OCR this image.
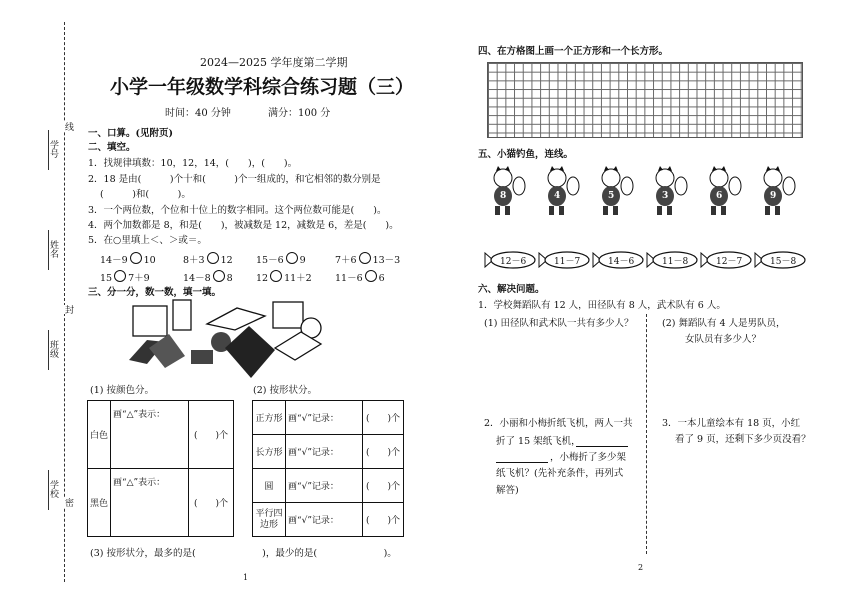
学号
姓名
班级
学校
线
封
密
2024—2025 学年度第二学期
小学一年级数学科综合练习题（三）
时间：40 分钟	满分：100 分
一、口算。(见附页)
二、填空。
1．找规律填数：10，12，14，(　　)，(　　)。
2．18 是由(　　　)个十和(　　　)个一组成的，和它相邻的数分别是
(　　　)和(　　　)。
3．一个两位数，个位和十位上的数字相同。这个两位数可能是(　　)。
4．两个加数都是 8，和是(　　)，被减数是 12，减数是 6，差是(　　)。
5．在○里填上＜、＞或＝。
14－9 10	8＋3 12 15－6 9	7＋6 13－3
15 7＋9	14－8 8 12 11＋2 11－6 6
三、分一分，数一数，填一填。
(1) 按颜色分。	(2) 按形状分。
白色	画“△”表示：	(　　)个
黑色	画“△”表示：	(　　)个
正方形	画“√”记录：	(　　)个
长方形	画“√”记录：	(　　)个
圆	画“√”记录：	(　　)个
平行四边形	画“√”记录：	(　　)个
(3) 按形状分，最多的是(　　　　　　　)，最少的是(　　　　　　　)。
1
四、在方格图上画一个正方形和一个长方形。
五、小猫钓鱼，连线。
8	4	5	3	6	9
12－6	11－7	14－6	11－8	12－7	15－8
六、解决问题。
1．学校舞蹈队有 12 人，田径队有 8 人，武术队有 6 人。
(1) 田径队和武术队一共有多少人？	(2) 舞蹈队有 4 人是男队员，
女队员有多少人？
2．小丽和小梅折纸飞机，两人一共
折了 15 架纸飞机，
，小梅折了多少架
纸飞机？(先补充条件，再列式
解答)
3．一本儿童绘本有 18 页，小红
看了 9 页，还剩下多少页没看？
2
